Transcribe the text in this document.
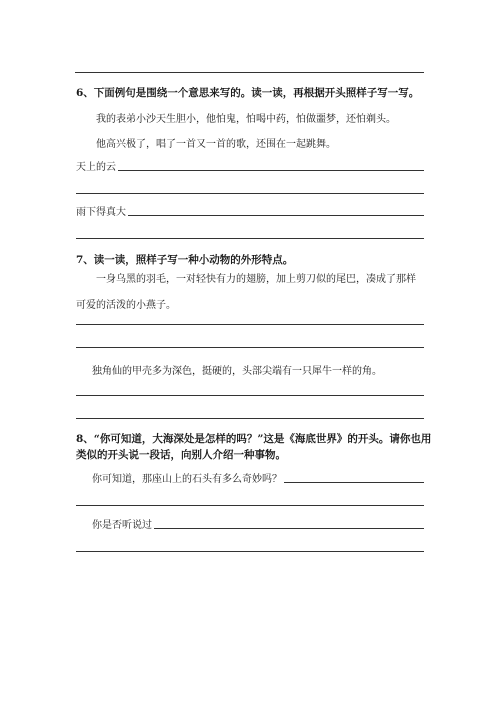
6、下面例句是围绕一个意思来写的。读一读，再根据开头照样子写一写。
我的表弟小沙天生胆小，他怕鬼，怕喝中药，怕做噩梦，还怕剃头。
他高兴极了，唱了一首又一首的歌，还围在一起跳舞。
天上的云
雨下得真大
7、读一读，照样子写一种小动物的外形特点。
一身乌黑的羽毛，一对轻快有力的翅膀，加上剪刀似的尾巴，凑成了那样
可爱的活泼的小燕子。
独角仙的甲壳多为深色，挺硬的，头部尖端有一只犀牛一样的角。
8、“你可知道，大海深处是怎样的吗？”这是《海底世界》的开头。请你也用
类似的开头说一段话，向别人介绍一种事物。
你可知道，那座山上的石头有多么奇妙吗？
你是否听说过
